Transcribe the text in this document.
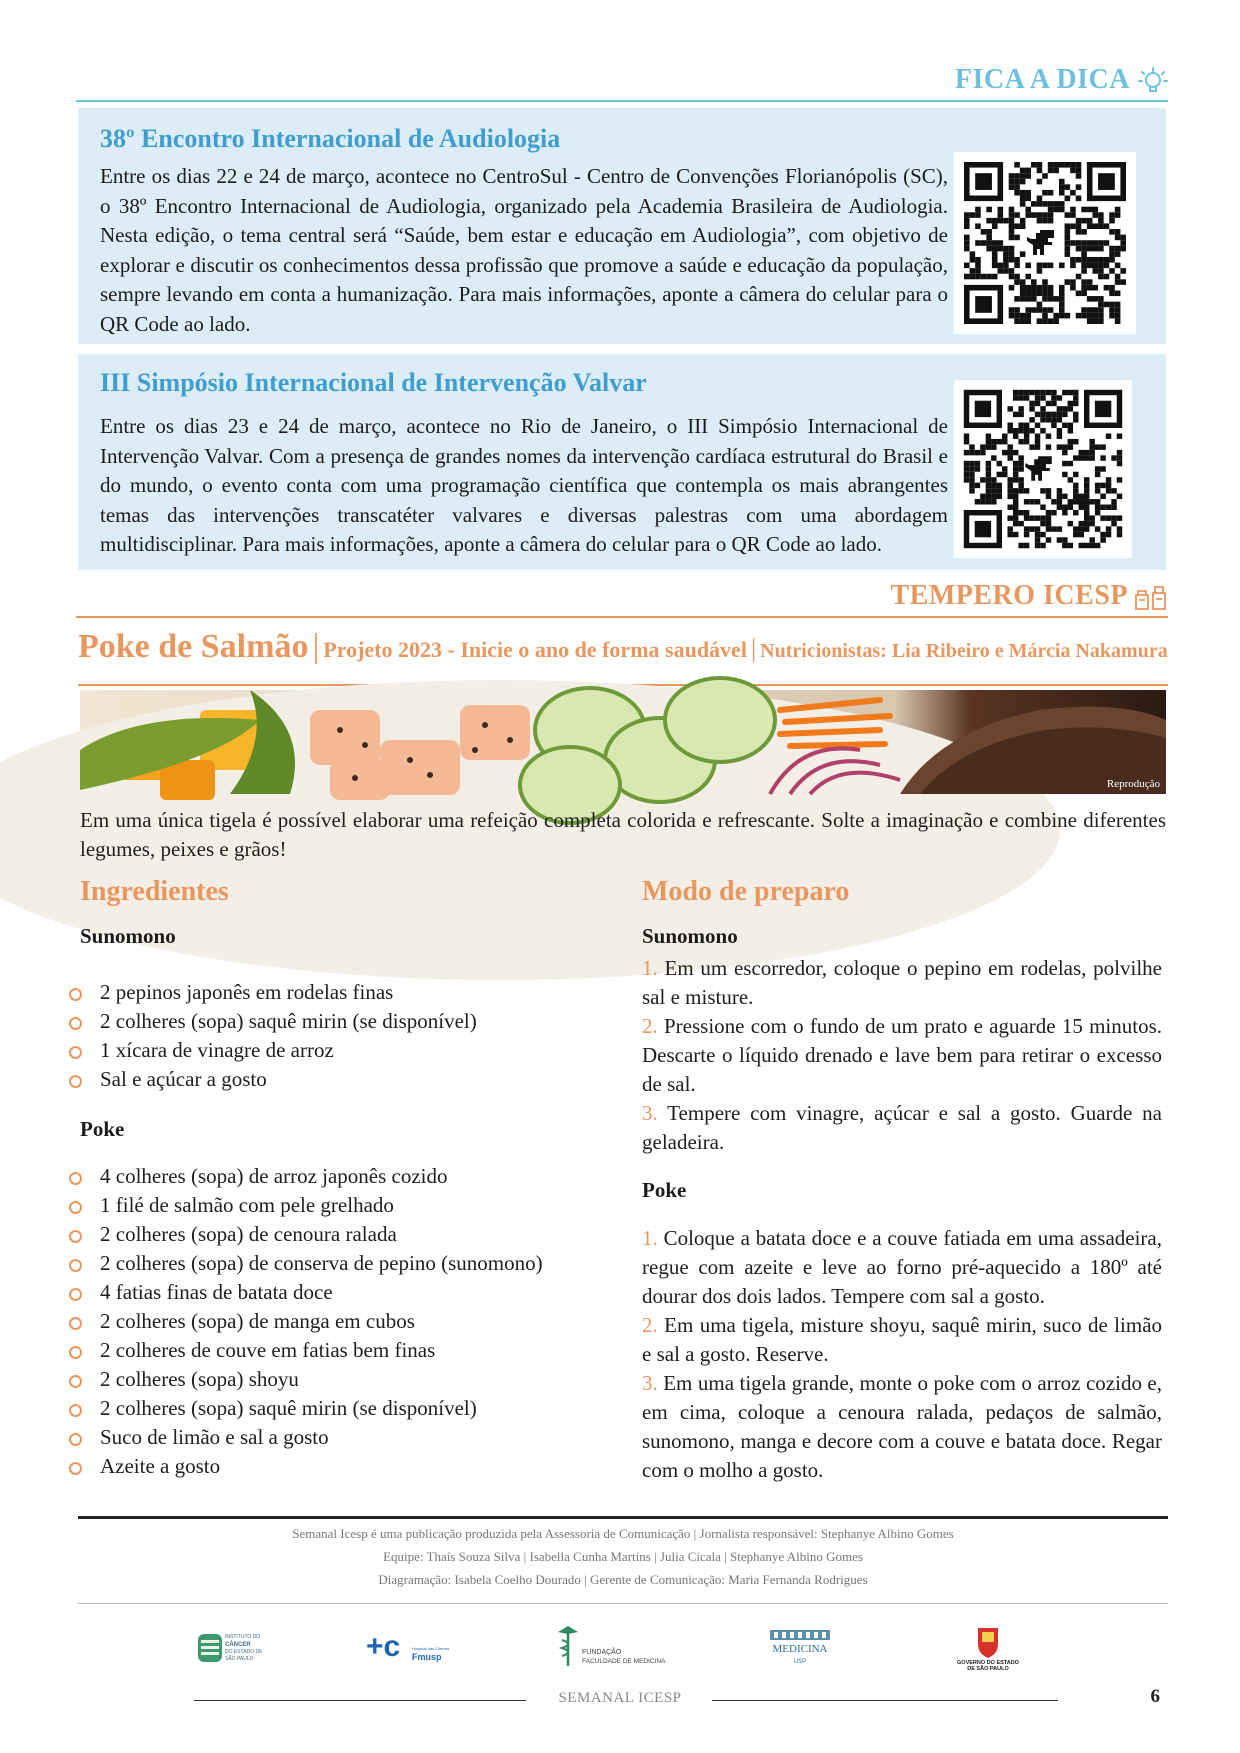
FICA A DICA
38º Encontro Internacional de Audiologia

Entre os dias 22 e 24 de março, acontece no CentroSul - Centro de Convenções Florianópolis (SC), o 38º Encontro Internacional de Audiologia, organizado pela Academia Brasileira de Audiologia. Nesta edição, o tema central será “Saúde, bem estar e educação em Audiologia”, com objetivo de explorar e discutir os conhecimentos dessa profissão que promove a saúde e educação da população, sempre levando em conta a humanização. Para mais informações, aponte a câmera do celular para o QR Code ao lado.

III Simpósio Internacional de Intervenção Valvar

Entre os dias 23 e 24 de março, acontece no Rio de Janeiro, o III Simpósio Internacional de Intervenção Valvar. Com a presença de grandes nomes da intervenção cardíaca estrutural do Brasil e do mundo, o evento conta com uma programação científica que contempla os mais abrangentes temas das intervenções transcatéter valvares e diversas palestras com uma abordagem multidisciplinar. Para mais informações, aponte a câmera do celular para o QR Code ao lado.

TEMPERO ICESP
Poke de Salmão | Projeto 2023 - Inicie o ano de forma saudável | Nutricionistas: Lia Ribeiro e Márcia Nakamura
Reprodução

Em uma única tigela é possível elaborar uma refeição completa colorida e refrescante. Solte a imaginação e combine diferentes legumes, peixes e grãos!

Ingredientes
Sunomono
2 pepinos japonês em rodelas finas
2 colheres (sopa) saquê mirin (se disponível)
1 xícara de vinagre de arroz
Sal e açúcar a gosto
Poke
4 colheres (sopa) de arroz japonês cozido
1 filé de salmão com pele grelhado
2 colheres (sopa) de cenoura ralada
2 colheres (sopa) de conserva de pepino (sunomono)
4 fatias finas de batata doce
2 colheres (sopa) de manga em cubos
2 colheres de couve em fatias bem finas
2 colheres (sopa) shoyu
2 colheres (sopa) saquê mirin (se disponível)
Suco de limão e sal a gosto
Azeite a gosto
Modo de preparo
Sunomono

1. Em um escorredor, coloque o pepino em rodelas, polvilhe sal e misture.

2. Pressione com o fundo de um prato e aguarde 15 minutos. Descarte o líquido drenado e lave bem para retirar o excesso de sal.

3. Tempere com vinagre, açúcar e sal a gosto. Guarde na geladeira.

Poke

1. Coloque a batata doce e a couve fatiada em uma assadeira, regue com azeite e leve ao forno pré-aquecido a 180º até dourar dos dois lados. Tempere com sal a gosto.

2. Em uma tigela, misture shoyu, saquê mirin, suco de limão e sal a gosto. Reserve.

3. Em uma tigela grande, monte o poke com o arroz cozido e, em cima, coloque a cenoura ralada, pedaços de salmão, sunomono, manga e decore com a couve e batata doce. Regar com o molho a gosto.

Semanal Icesp é uma publicação produzida pela Assessoria de Comunicação | Jornalista responsável: Stephanye Albino Gomes
Equipe: Thaís Souza Silva | Isabella Cunha Martins | Julia Cicala | Stephanye Albino Gomes
Diagramação: Isabela Coelho Dourado | Gerente de Comunicação: Maria Fernanda Rodrigues
INSTITUTO DO
CÂNCER
DO ESTADO DE
SÃO PAULO	+c	Hospital das Clínicas
Fmusp	FUNDAÇÃO
FACULDADE DE MEDICINA
MEDICINA
USP	GOVERNO DO ESTADO
DE SÃO PAULO
SEMANAL ICESP	6
